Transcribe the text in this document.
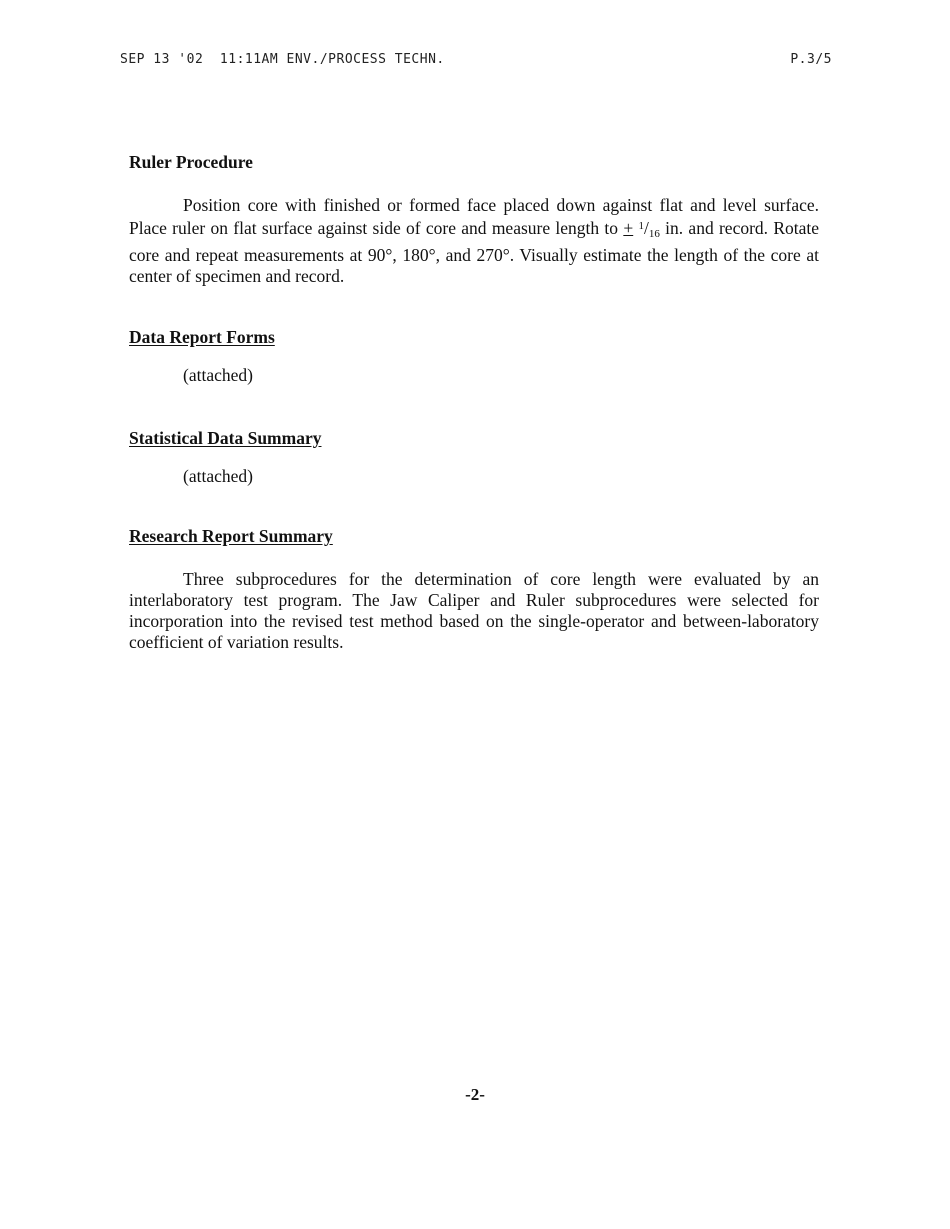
SEP 13 '02  11:11AM ENV./PROCESS TECHN.	P.3/5
Ruler Procedure

Position core with finished or formed face placed down against flat and level surface. Place ruler on flat surface against side of core and measure length to + $^1$/16 in. and record. Rotate core and repeat measurements at 90°, 180°, and 270°. Visually estimate the length of the core at center of specimen and record.

Data Report Forms
(attached)
Statistical Data Summary
(attached)
Research Report Summary

Three subprocedures for the determination of core length were evaluated by an interlaboratory test program. The Jaw Caliper and Ruler subprocedures were selected for incorporation into the revised test method based on the single-operator and between-laboratory coefficient of variation results.

-2-
